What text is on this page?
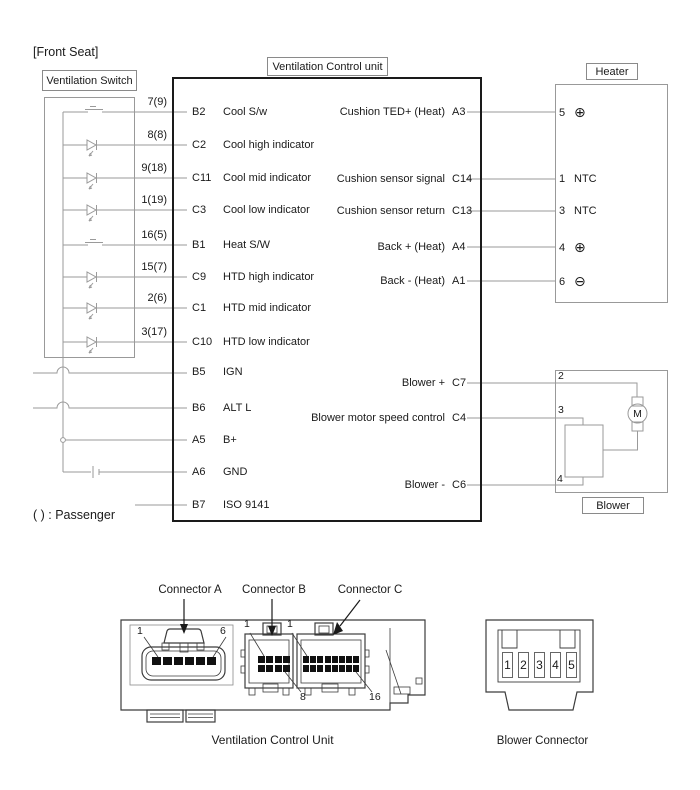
Ventilation Switch
Ventilation Control unit	Heater
Blower
[Front Seat]
( ) : Passenger
7(9)
8(8)
9(18)
1(19)
16(5)
15(7)
2(6)
3(17)
B2 Cool S/w
C2 Cool high indicator
C11 Cool mid indicator
C3 Cool low indicator
B1 Heat S/W
C9 HTD high indicator
C1 HTD mid indicator
C10 HTD low indicator
B5 IGN
B6 ALT L
A5 B+
A6 GND
B7 ISO 9141
Cushion TED+ (Heat) A3
Cushion sensor signal C14
Cushion sensor return C13
Back + (Heat) A4
Back - (Heat) A1
Blower + C7
Blower motor speed control C4
Blower - C6
5 ⊕
1 NTC
3 NTC
4 ⊕
6 ⊖
2
3
4
M
Connector A	Connector B	Connector C
1	6
1	1
8	16
Ventilation Control Unit	Blower Connector
1 2 3 4 5
